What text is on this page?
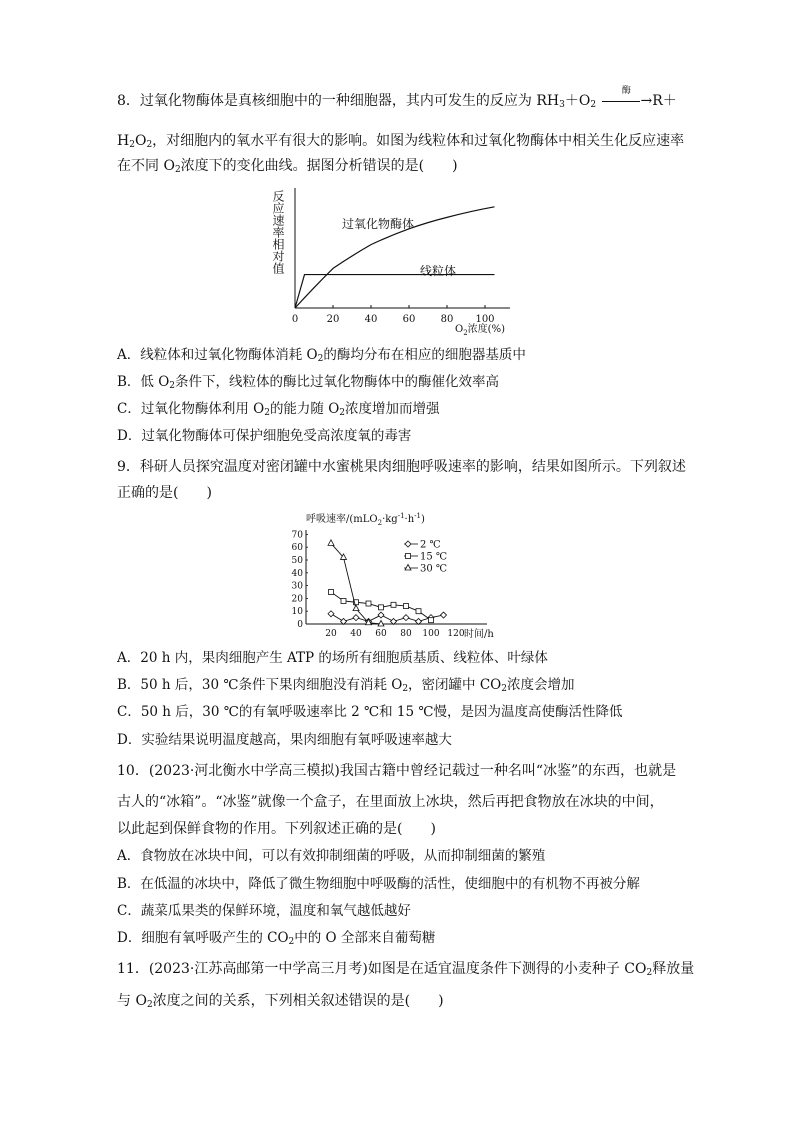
8．过氧化物酶体是真核细胞中的一种细胞器，其内可发生的反应为 $RH_3+O_2$
酶
→R＋
$H_2O_2$，对细胞内的氧水平有很大的影响。如图为线粒体和过氧化物酶体中相关生化反应速率
在不同 $O_2$浓度下的变化曲线。据图分析错误的是(　　)
反应速率相对值
0	20	40	60	80 100
过氧化物酶体
线粒体
$O_2$浓度(%)
A．线粒体和过氧化物酶体消耗 $O_2$的酶均分布在相应的细胞器基质中
B．低 $O_2$条件下，线粒体的酶比过氧化物酶体中的酶催化效率高
C．过氧化物酶体利用 $O_2$的能力随 $O_2$浓度增加而增强
D．过氧化物酶体可保护细胞免受高浓度氧的毒害
9．科研人员探究温度对密闭罐中水蜜桃果肉细胞呼吸速率的影响，结果如图所示。下列叙述
正确的是(　　)
呼吸速率$/(mLO_2\cdot kg^{-1}\cdot h^{-1})$
0
10
20
30
40
50
60
70
20 40 60 80 100 120
2 ℃
15 ℃
30 ℃
时间/h
A．20 h 内，果肉细胞产生 ATP 的场所有细胞质基质、线粒体、叶绿体
B．50 h 后，30 ℃条件下果肉细胞没有消耗 $O_2$，密闭罐中 $CO_2$浓度会增加
C．50 h 后，30 ℃的有氧呼吸速率比 2 ℃和 15 ℃慢，是因为温度高使酶活性降低
D．实验结果说明温度越高，果肉细胞有氧呼吸速率越大
10．(2023·河北衡水中学高三模拟)我国古籍中曾经记载过一种名叫“冰鉴”的东西，也就是
古人的“冰箱”。“冰鉴”就像一个盒子，在里面放上冰块，然后再把食物放在冰块的中间，
以此起到保鲜食物的作用。下列叙述正确的是(　　)
A．食物放在冰块中间，可以有效抑制细菌的呼吸，从而抑制细菌的繁殖
B．在低温的冰块中，降低了微生物细胞中呼吸酶的活性，使细胞中的有机物不再被分解
C．蔬菜瓜果类的保鲜环境，温度和氧气越低越好
D．细胞有氧呼吸产生的 $CO_2$中的 O 全部来自葡萄糖
11．(2023·江苏高邮第一中学高三月考)如图是在适宜温度条件下测得的小麦种子 $CO_2$释放量
与 $O_2$浓度之间的关系，下列相关叙述错误的是(　　)
